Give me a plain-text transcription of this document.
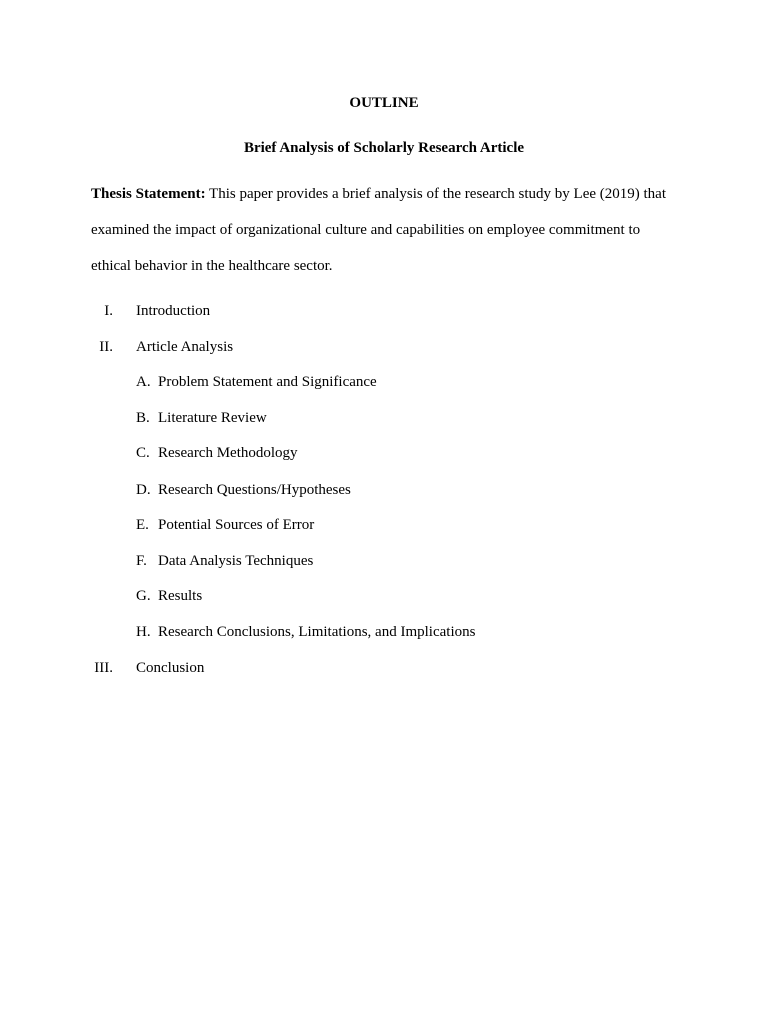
OUTLINE

Brief Analysis of Scholarly Research Article

Thesis Statement: This paper provides a brief analysis of the research study by Lee (2019) that examined the impact of organizational culture and capabilities on employee commitment to ethical behavior in the healthcare sector.

I. Introduction
II. Article Analysis
A. Problem Statement and Significance
B. Literature Review
C. Research Methodology
D. Research Questions/Hypotheses
E. Potential Sources of Error
F. Data Analysis Techniques
G. Results
H. Research Conclusions, Limitations, and Implications
III. Conclusion
